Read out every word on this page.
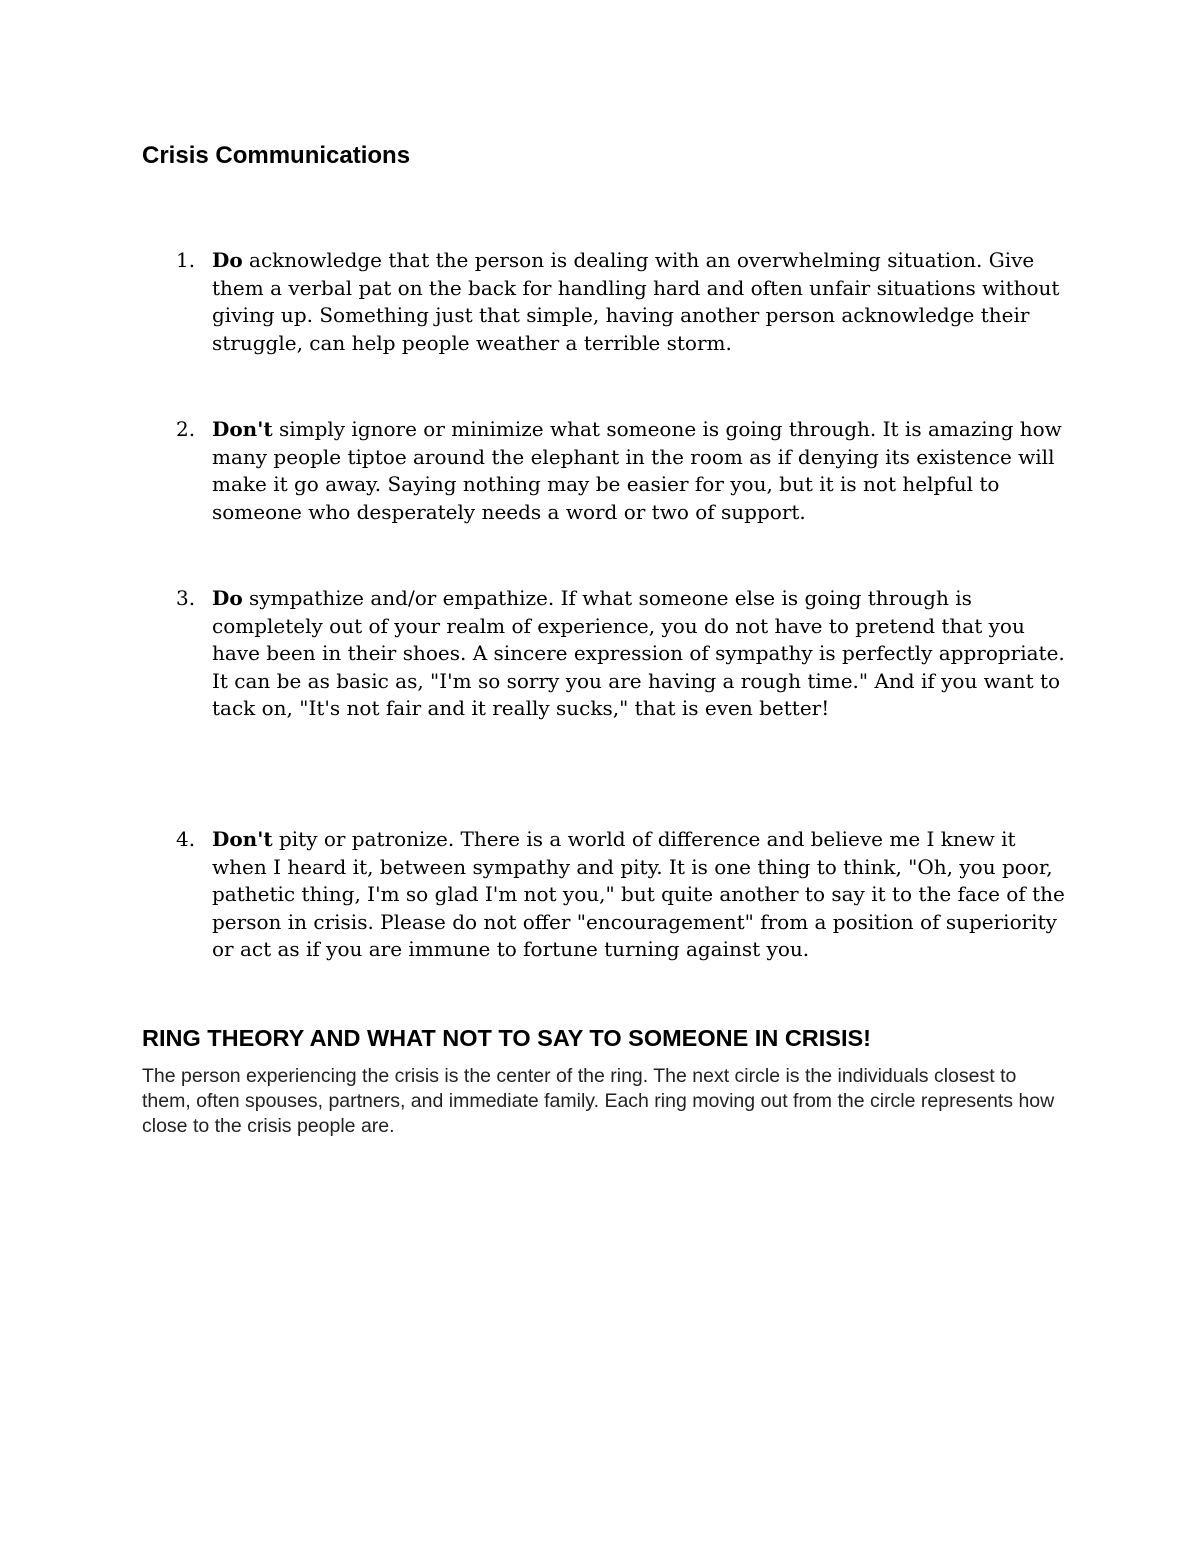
Crisis Communications
1. Do acknowledge that the person is dealing with an overwhelming situation. Give them a verbal pat on the back for handling hard and often unfair situations without giving up. Something just that simple, having another person acknowledge their struggle, can help people weather a terrible storm.
2. Don't simply ignore or minimize what someone is going through. It is amazing how many people tiptoe around the elephant in the room as if denying its existence will make it go away. Saying nothing may be easier for you, but it is not helpful to someone who desperately needs a word or two of support.
3. Do sympathize and/or empathize. If what someone else is going through is completely out of your realm of experience, you do not have to pretend that you have been in their shoes. A sincere expression of sympathy is perfectly appropriate. It can be as basic as, "I'm so sorry you are having a rough time." And if you want to tack on, "It's not fair and it really sucks," that is even better!
4. Don't pity or patronize. There is a world of difference and believe me I knew it when I heard it, between sympathy and pity. It is one thing to think, "Oh, you poor, pathetic thing, I'm so glad I'm not you," but quite another to say it to the face of the person in crisis. Please do not offer "encouragement" from a position of superiority or act as if you are immune to fortune turning against you.
RING THEORY AND WHAT NOT TO SAY TO SOMEONE IN CRISIS!

The person experiencing the crisis is the center of the ring. The next circle is the individuals closest to them, often spouses, partners, and immediate family. Each ring moving out from the circle represents how close to the crisis people are.
